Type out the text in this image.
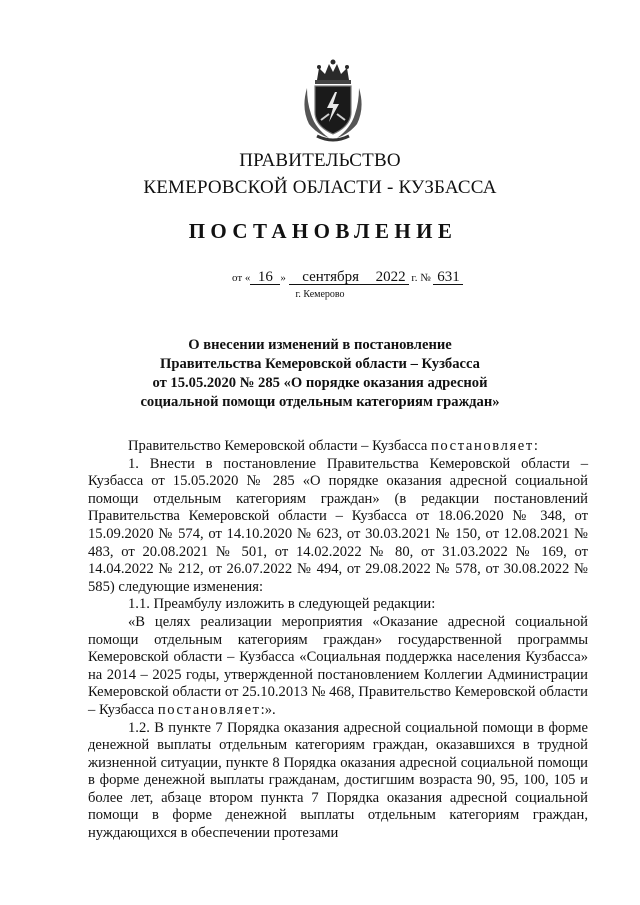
ПРАВИТЕЛЬСТВО
КЕМЕРОВСКОЙ ОБЛАСТИ - КУЗБАССА
ПОСТАНОВЛЕНИЕ
от « 16 » сентября 2022 г. № 631
г. Кемерово
О внесении изменений в постановление
Правительства Кемеровской области – Кузбасса
от 15.05.2020 № 285 «О порядке оказания адресной
социальной помощи отдельным категориям граждан»

Правительство Кемеровской области – Кузбасса постановляет:

1. Внести в постановление Правительства Кемеровской области – Кузбасса от 15.05.2020 № 285 «О порядке оказания адресной социальной помощи отдельным категориям граждан» (в редакции постановлений Правительства Кемеровской области – Кузбасса от 18.06.2020 № 348, от 15.09.2020 № 574, от 14.10.2020 № 623, от 30.03.2021 № 150, от 12.08.2021 № 483, от 20.08.2021 № 501, от 14.02.2022 № 80, от 31.03.2022 № 169, от 14.04.2022 № 212, от 26.07.2022 № 494, от 29.08.2022 № 578, от 30.08.2022 № 585) следующие изменения:

1.1. Преамбулу изложить в следующей редакции:

«В целях реализации мероприятия «Оказание адресной социальной помощи отдельным категориям граждан» государственной программы Кемеровской области – Кузбасса «Социальная поддержка населения Кузбасса» на 2014 – 2025 годы, утвержденной постановлением Коллегии Администрации Кемеровской области от 25.10.2013 № 468, Правительство Кемеровской области – Кузбасса постановляет:».

1.2. В пункте 7 Порядка оказания адресной социальной помощи в форме денежной выплаты отдельным категориям граждан, оказавшихся в трудной жизненной ситуации, пункте 8 Порядка оказания адресной социальной помощи в форме денежной выплаты гражданам, достигшим возраста 90, 95, 100, 105 и более лет, абзаце втором пункта 7 Порядка оказания адресной социальной помощи в форме денежной выплаты отдельным категориям граждан, нуждающихся в обеспечении протезами
